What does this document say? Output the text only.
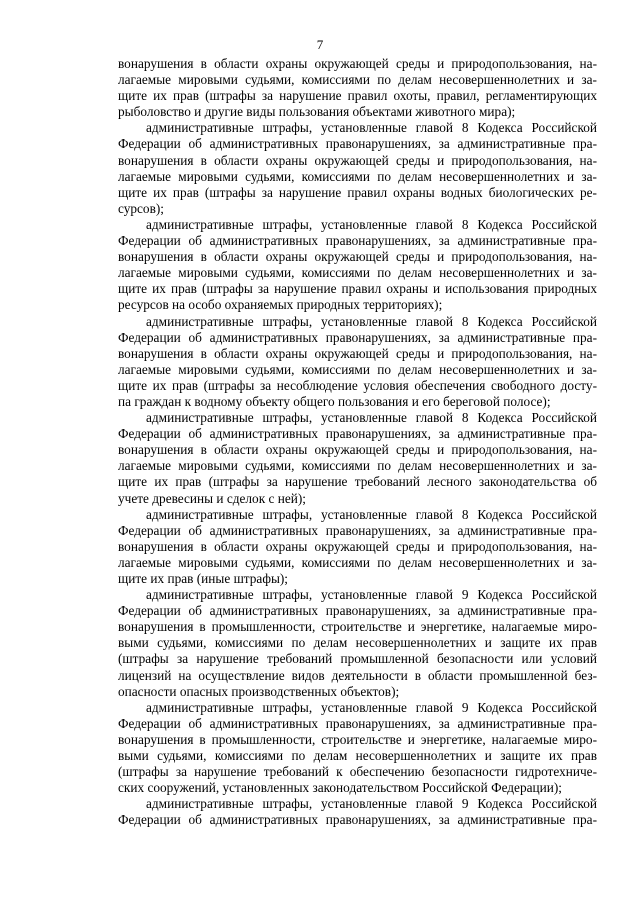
7
вонарушения в области охраны окружающей среды и природопользования, на-
лагаемые мировыми судьями, комиссиями по делам несовершеннолетних и за-
щите их прав (штрафы за нарушение правил охоты, правил, регламентирующих
рыболовство и другие виды пользования объектами животного мира);
административные штрафы, установленные главой 8 Кодекса Российской
Федерации об административных правонарушениях, за административные пра-
вонарушения в области охраны окружающей среды и природопользования, на-
лагаемые мировыми судьями, комиссиями по делам несовершеннолетних и за-
щите их прав (штрафы за нарушение правил охраны водных биологических ре-
сурсов);
административные штрафы, установленные главой 8 Кодекса Российской
Федерации об административных правонарушениях, за административные пра-
вонарушения в области охраны окружающей среды и природопользования, на-
лагаемые мировыми судьями, комиссиями по делам несовершеннолетних и за-
щите их прав (штрафы за нарушение правил охраны и использования природных
ресурсов на особо охраняемых природных территориях);
административные штрафы, установленные главой 8 Кодекса Российской
Федерации об административных правонарушениях, за административные пра-
вонарушения в области охраны окружающей среды и природопользования, на-
лагаемые мировыми судьями, комиссиями по делам несовершеннолетних и за-
щите их прав (штрафы за несоблюдение условия обеспечения свободного досту-
па граждан к водному объекту общего пользования и его береговой полосе);
административные штрафы, установленные главой 8 Кодекса Российской
Федерации об административных правонарушениях, за административные пра-
вонарушения в области охраны окружающей среды и природопользования, на-
лагаемые мировыми судьями, комиссиями по делам несовершеннолетних и за-
щите их прав (штрафы за нарушение требований лесного законодательства об
учете древесины и сделок с ней);
административные штрафы, установленные главой 8 Кодекса Российской
Федерации об административных правонарушениях, за административные пра-
вонарушения в области охраны окружающей среды и природопользования, на-
лагаемые мировыми судьями, комиссиями по делам несовершеннолетних и за-
щите их прав (иные штрафы);
административные штрафы, установленные главой 9 Кодекса Российской
Федерации об административных правонарушениях, за административные пра-
вонарушения в промышленности, строительстве и энергетике, налагаемые миро-
выми судьями, комиссиями по делам несовершеннолетних и защите их прав
(штрафы за нарушение требований промышленной безопасности или условий
лицензий на осуществление видов деятельности в области промышленной без-
опасности опасных производственных объектов);
административные штрафы, установленные главой 9 Кодекса Российской
Федерации об административных правонарушениях, за административные пра-
вонарушения в промышленности, строительстве и энергетике, налагаемые миро-
выми судьями, комиссиями по делам несовершеннолетних и защите их прав
(штрафы за нарушение требований к обеспечению безопасности гидротехниче-
ских сооружений, установленных законодательством Российской Федерации);
административные штрафы, установленные главой 9 Кодекса Российской
Федерации об административных правонарушениях, за административные пра-
